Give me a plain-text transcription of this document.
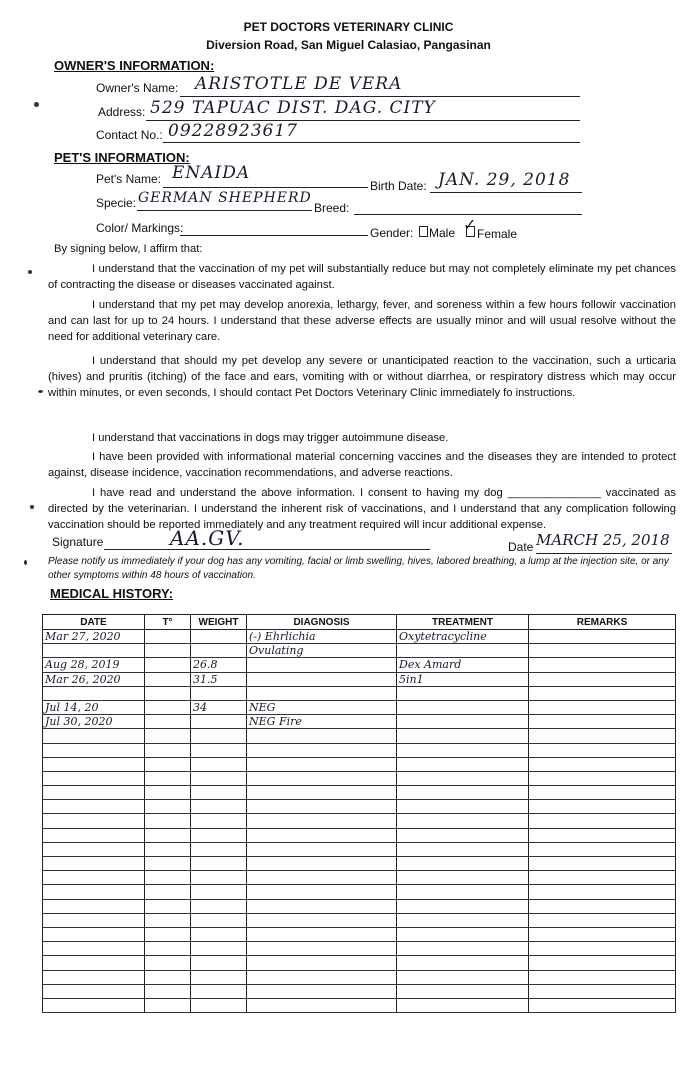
PET DOCTORS VETERINARY CLINIC
Diversion Road, San Miguel Calasiao, Pangasinan
OWNER'S INFORMATION:
Owner's Name: ARISTOTLE DE VERA
Address: 529 TAPUAC DIST. DAG. CITY
Contact No.: 09228923617
PET'S INFORMATION:
Pet's Name: ENAIDA
Birth Date: JAN. 29, 2018
Specie: GERMAN SHEPHERD
Breed:
Color/ Markings:	Gender: Male ✓ Female
By signing below, I affirm that:
I understand that the vaccination of my pet will substantially reduce but may not completely eliminate my pet chances of contracting the disease or diseases vaccinated against.
I understand that my pet may develop anorexia, lethargy, fever, and soreness within a few hours followir vaccination and can last for up to 24 hours. I understand that these adverse effects are usually minor and will usual resolve without the need for additional veterinary care.
I understand that should my pet develop any severe or unanticipated reaction to the vaccination, such a urticaria (hives) and pruritis (itching) of the face and ears, vomiting with or without diarrhea, or respiratory distress which may occur within minutes, or even seconds, I should contact Pet Doctors Veterinary Clinic immediately fo instructions.
I understand that vaccinations in dogs may trigger autoimmune disease.
I have been provided with informational material concerning vaccines and the diseases they are intended to protect against, disease incidence, vaccination recommendations, and adverse reactions.
I have read and understand the above information. I consent to having my dog _______________ vaccinated as directed by the veterinarian. I understand the inherent risk of vaccinations, and I understand that any complication following vaccination should be reported immediately and any treatment required will incur additional expense.
Signature	AA.GV.	Date MARCH 25, 2018
Please notify us immediately if your dog has any vomiting, facial or limb swelling, hives, labored breathing, a lump at the injection site, or any other symptoms within 48 hours of vaccination.
MEDICAL HISTORY:
DATE	T°	WEIGHT	DIAGNOSIS	TREATMENT	REMARKS
Mar 27, 2020			(-) Ehrlichia	Oxytetracycline	
			Ovulating		
Aug 28, 2019		26.8		Dex Amard	
Mar 26, 2020		31.5		5in1	

Jul 14, 20		34	NEG		
Jul 30, 2020			NEG Fire		
